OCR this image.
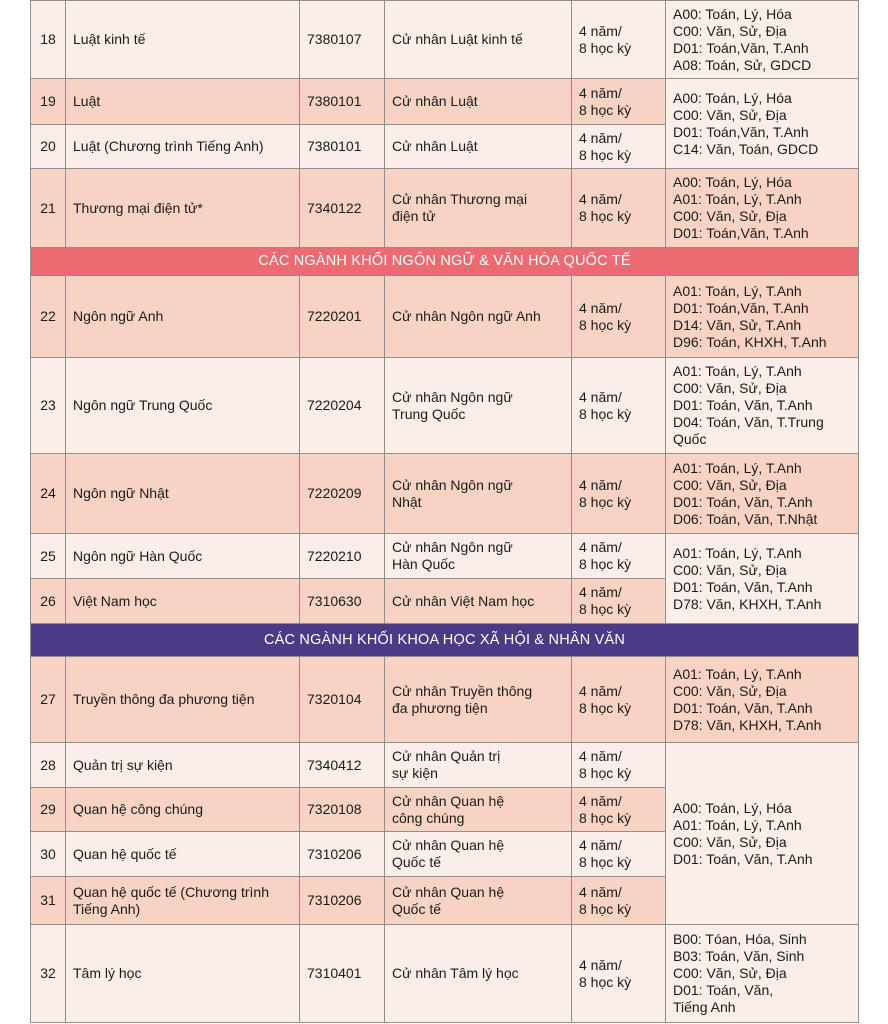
18	Luật kinh tế	7380107	Cử nhân Luật kinh tế	4 năm/
8 học kỳ	A00: Toán, Lý, Hóa
C00: Văn, Sử, Địa
D01: Toán,Văn, T.Anh
A08: Toán, Sử, GDCD
19	Luật	7380101	Cử nhân Luật	4 năm/
8 học kỳ	A00: Toán, Lý, Hóa
C00: Văn, Sử, Địa
D01: Toán,Văn, T.Anh
C14: Văn, Toán, GDCD
20	Luật (Chương trình Tiếng Anh)	7380101	Cử nhân Luật	4 năm/
8 học kỳ	
21	Thương mại điện tử*	7340122	Cử nhân Thương mại
điện tử	4 năm/
8 học kỳ	A00: Toán, Lý, Hóa
A01: Toán, Lý, T.Anh
C00: Văn, Sử, Địa
D01: Toán,Văn, T.Anh
CÁC NGÀNH KHỐI NGÔN NGỮ & VĂN HÓA QUỐC TẾ					
22	Ngôn ngữ Anh	7220201	Cử nhân Ngôn ngữ Anh	4 năm/
8 học kỳ	A01: Toán, Lý, T.Anh
D01: Toán,Văn, T.Anh
D14: Văn, Sử, T.Anh
D96: Toán, KHXH, T.Anh
23	Ngôn ngữ Trung Quốc	7220204	Cử nhân Ngôn ngữ
Trung Quốc	4 năm/
8 học kỳ	A01: Toán, Lý, T.Anh
C00: Văn, Sử, Địa
D01: Toán, Văn, T.Anh
D04: Toán, Văn, T.Trung
Quốc
24	Ngôn ngữ Nhật	7220209	Cử nhân Ngôn ngữ
Nhật	4 năm/
8 học kỳ	A01: Toán, Lý, T.Anh
C00: Văn, Sử, Địa
D01: Toán, Văn, T.Anh
D06: Toán, Văn, T.Nhật
25	Ngôn ngữ Hàn Quốc	7220210	Cử nhân Ngôn ngữ
Hàn Quốc	4 năm/
8 học kỳ	A01: Toán, Lý, T.Anh
C00: Văn, Sử, Địa
D01: Toán, Văn, T.Anh
D78: Văn, KHXH, T.Anh
26	Việt Nam học	7310630	Cử nhân Việt Nam học	4 năm/
8 học kỳ	
CÁC NGÀNH KHỐI KHOA HỌC XÃ HỘI & NHÂN VĂN					
27	Truyền thông đa phương tiện	7320104	Cử nhân Truyền thông
đa phương tiện	4 năm/
8 học kỳ	A01: Toán, Lý, T.Anh
C00: Văn, Sử, Địa
D01: Toán, Văn, T.Anh
D78: Văn, KHXH, T.Anh
28	Quản trị sự kiện	7340412	Cử nhân Quản trị
sự kiện	4 năm/
8 học kỳ	A00: Toán, Lý, Hóa
A01: Toán, Lý, T.Anh
C00: Văn, Sử, Địa
D01: Toán, Văn, T.Anh
29	Quan hệ công chúng	7320108	Cử nhân Quan hệ
công chúng	4 năm/
8 học kỳ	
30	Quan hệ quốc tế	7310206	Cử nhân Quan hệ
Quốc tế	4 năm/
8 học kỳ	
31	Quan hệ quốc tế (Chương trình
Tiếng Anh)	7310206	Cử nhân Quan hệ
Quốc tế	4 năm/
8 học kỳ	
32	Tâm lý học	7310401	Cử nhân Tâm lý học	4 năm/
8 học kỳ	B00: Tóan, Hóa, Sinh
B03: Toán, Văn, Sinh
C00: Văn, Sử, Địa
D01: Toán, Văn,
Tiếng Anh
